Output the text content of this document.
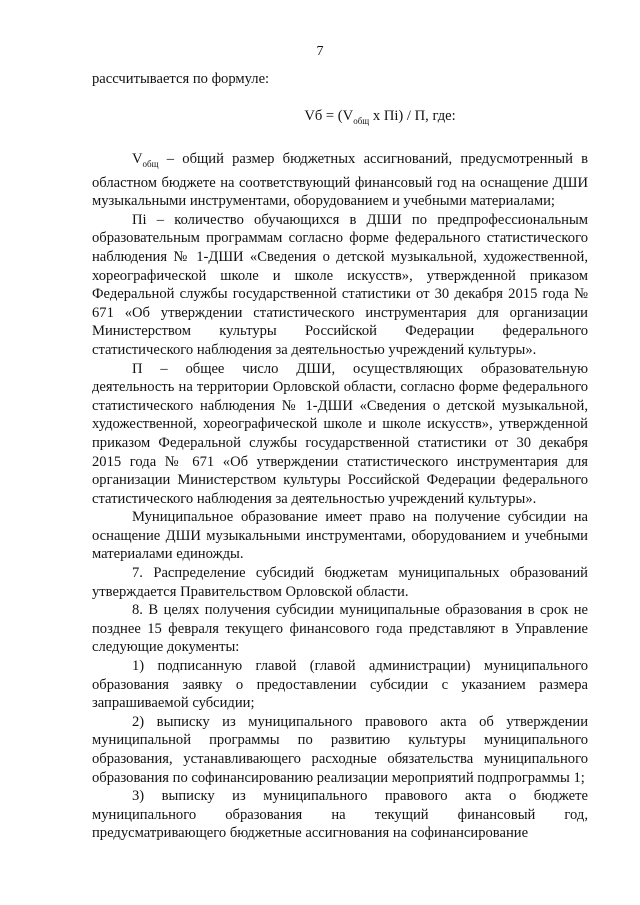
7

рассчитывается по формуле:

Vб = ($V_{общ}$ x Пi) / П, где:

$V_{общ}$ – общий размер бюджетных ассигнований, предусмотренный в областном бюджете на соответствующий финансовый год на оснащение ДШИ музыкальными инструментами, оборудованием и учебными материалами;

Пi – количество обучающихся в ДШИ по предпрофессиональным образовательным программам согласно форме федерального статистического наблюдения № 1-ДШИ «Сведения о детской музыкальной, художественной, хореографической школе и школе искусств», утвержденной приказом Федеральной службы государственной статистики от 30 декабря 2015 года № 671 «Об утверждении статистического инструментария для организации Министерством культуры Российской Федерации федерального статистического наблюдения за деятельностью учреждений культуры».

П – общее число ДШИ, осуществляющих образовательную деятельность на территории Орловской области, согласно форме федерального статистического наблюдения № 1-ДШИ «Сведения о детской музыкальной, художественной, хореографической школе и школе искусств», утвержденной приказом Федеральной службы государственной статистики от 30 декабря 2015 года № 671 «Об утверждении статистического инструментария для организации Министерством культуры Российской Федерации федерального статистического наблюдения за деятельностью учреждений культуры».

Муниципальное образование имеет право на получение субсидии на оснащение ДШИ музыкальными инструментами, оборудованием и учебными материалами единожды.

7. Распределение субсидий бюджетам муниципальных образований утверждается Правительством Орловской области.

8. В целях получения субсидии муниципальные образования в срок не позднее 15 февраля текущего финансового года представляют в Управление следующие документы:

1) подписанную главой (главой администрации) муниципального образования заявку о предоставлении субсидии с указанием размера запрашиваемой субсидии;

2) выписку из муниципального правового акта об утверждении муниципальной программы по развитию культуры муниципального образования, устанавливающего расходные обязательства муниципального образования по софинансированию реализации мероприятий подпрограммы 1;

3) выписку из муниципального правового акта о бюджете муниципального образования на текущий финансовый год, предусматривающего бюджетные ассигнования на софинансирование
